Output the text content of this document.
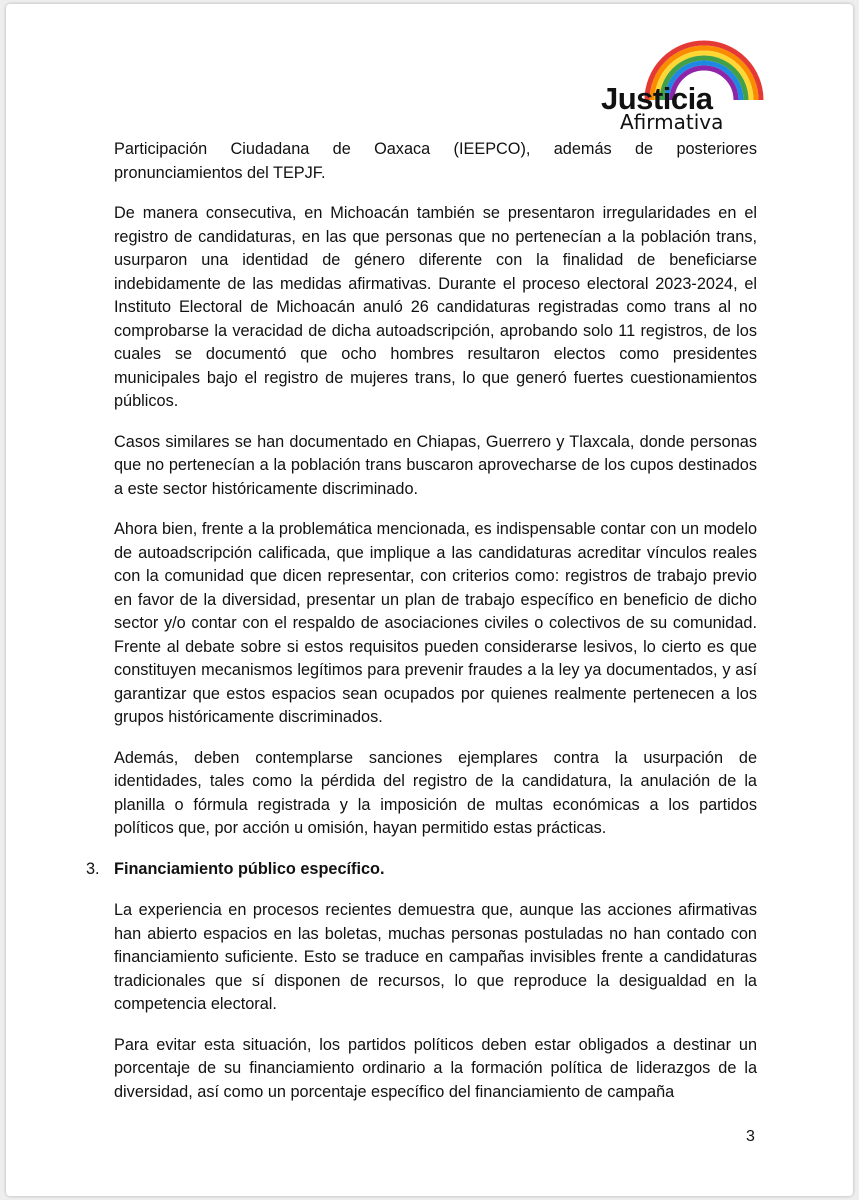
Justicia
Afirmativa

Participación Ciudadana de Oaxaca (IEEPCO), además de posteriores pronunciamientos del TEPJF.

De manera consecutiva, en Michoacán también se presentaron irregularidades en el registro de candidaturas, en las que personas que no pertenecían a la población trans, usurparon una identidad de género diferente con la finalidad de beneficiarse indebidamente de las medidas afirmativas. Durante el proceso electoral 2023-2024, el Instituto Electoral de Michoacán anuló 26 candidaturas registradas como trans al no comprobarse la veracidad de dicha autoadscripción, aprobando solo 11 registros, de los cuales se documentó que ocho hombres resultaron electos como presidentes municipales bajo el registro de mujeres trans, lo que generó fuertes cuestionamientos públicos.

Casos similares se han documentado en Chiapas, Guerrero y Tlaxcala, donde personas que no pertenecían a la población trans buscaron aprovecharse de los cupos destinados a este sector históricamente discriminado.

Ahora bien, frente a la problemática mencionada, es indispensable contar con un modelo de autoadscripción calificada, que implique a las candidaturas acreditar vínculos reales con la comunidad que dicen representar, con criterios como: registros de trabajo previo en favor de la diversidad, presentar un plan de trabajo específico en beneficio de dicho sector y/o contar con el respaldo de asociaciones civiles o colectivos de su comunidad. Frente al debate sobre si estos requisitos pueden considerarse lesivos, lo cierto es que constituyen mecanismos legítimos para prevenir fraudes a la ley ya documentados, y así garantizar que estos espacios sean ocupados por quienes realmente pertenecen a los grupos históricamente discriminados.

Además, deben contemplarse sanciones ejemplares contra la usurpación de identidades, tales como la pérdida del registro de la candidatura, la anulación de la planilla o fórmula registrada y la imposición de multas económicas a los partidos políticos que, por acción u omisión, hayan permitido estas prácticas.

3. Financiamiento público específico.

La experiencia en procesos recientes demuestra que, aunque las acciones afirmativas han abierto espacios en las boletas, muchas personas postuladas no han contado con financiamiento suficiente. Esto se traduce en campañas invisibles frente a candidaturas tradicionales que sí disponen de recursos, lo que reproduce la desigualdad en la competencia electoral.

Para evitar esta situación, los partidos políticos deben estar obligados a destinar un porcentaje de su financiamiento ordinario a la formación política de liderazgos de la diversidad, así como un porcentaje específico del financiamiento de campaña

3
